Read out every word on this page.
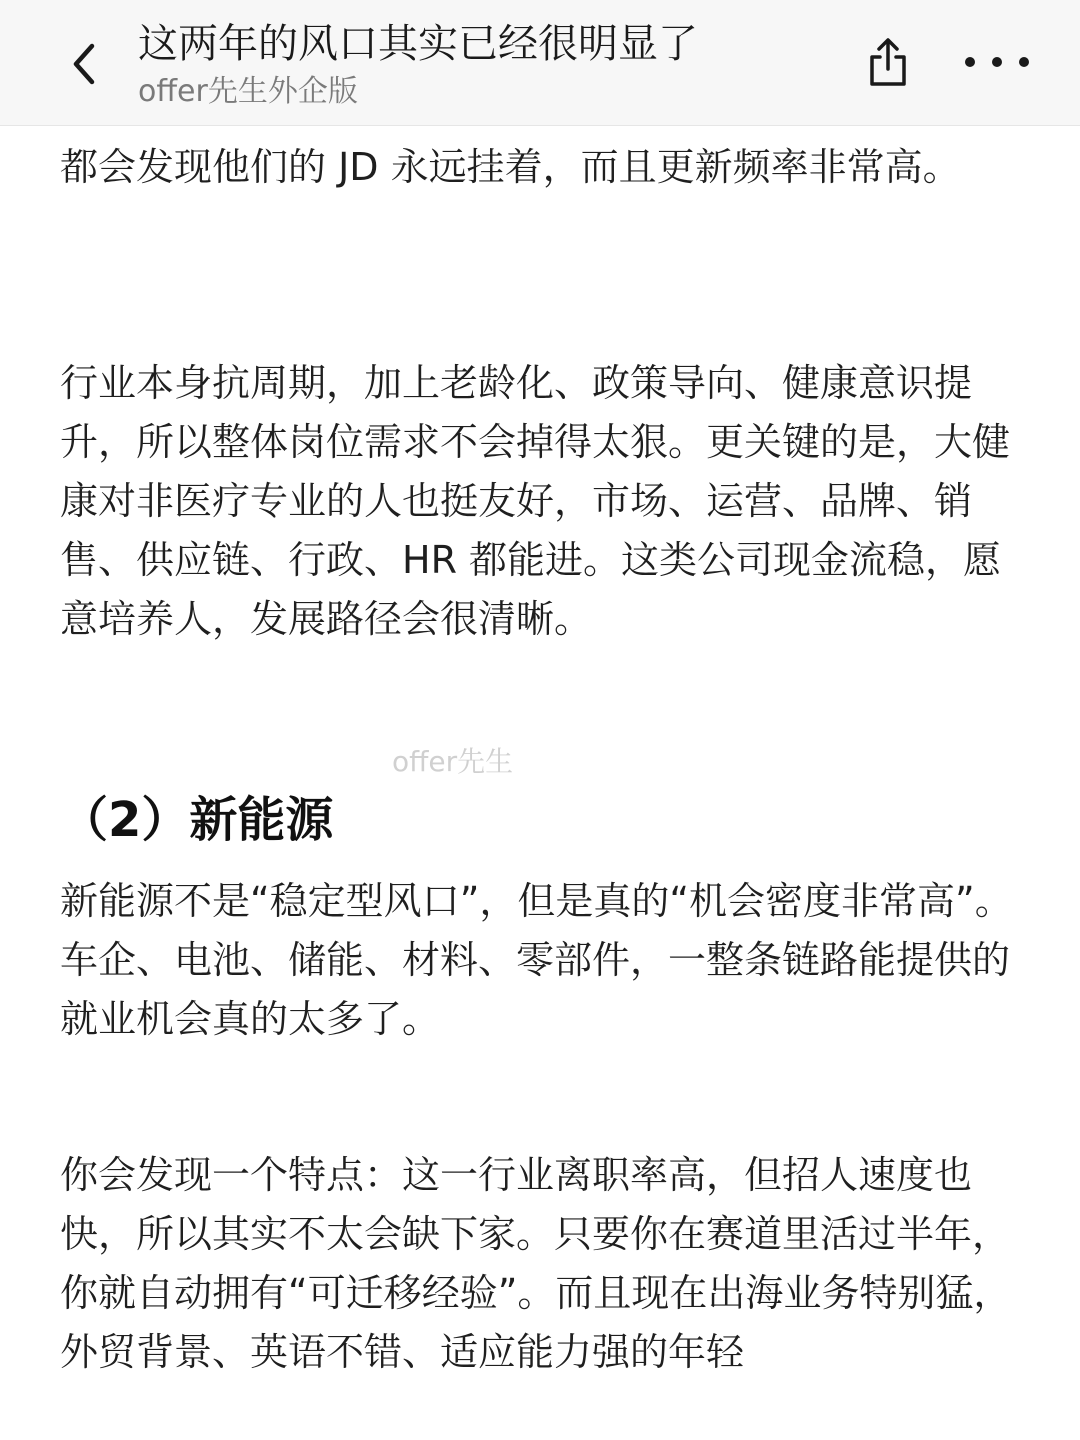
这两年的风口其实已经很明显了
offer先生外企版

都会发现他们的 JD 永远挂着，而且更新频率非常高。

行业本身抗周期，加上老龄化、政策导向、健康意识提升，所以整体岗位需求不会掉得太狠。更关键的是，大健康对非医疗专业的人也挺友好，市场、运营、品牌、销售、供应链、行政、HR 都能进。这类公司现金流稳，愿意培养人，发展路径会很清晰。

（2）新能源

新能源不是“稳定型风口”，但是真的“机会密度非常高”。车企、电池、储能、材料、零部件，一整条链路能提供的就业机会真的太多了。

你会发现一个特点：这一行业离职率高，但招人速度也快，所以其实不太会缺下家。只要你在赛道里活过半年，你就自动拥有“可迁移经验”。而且现在出海业务特别猛，外贸背景、英语不错、适应能力强的年轻

offer先生
